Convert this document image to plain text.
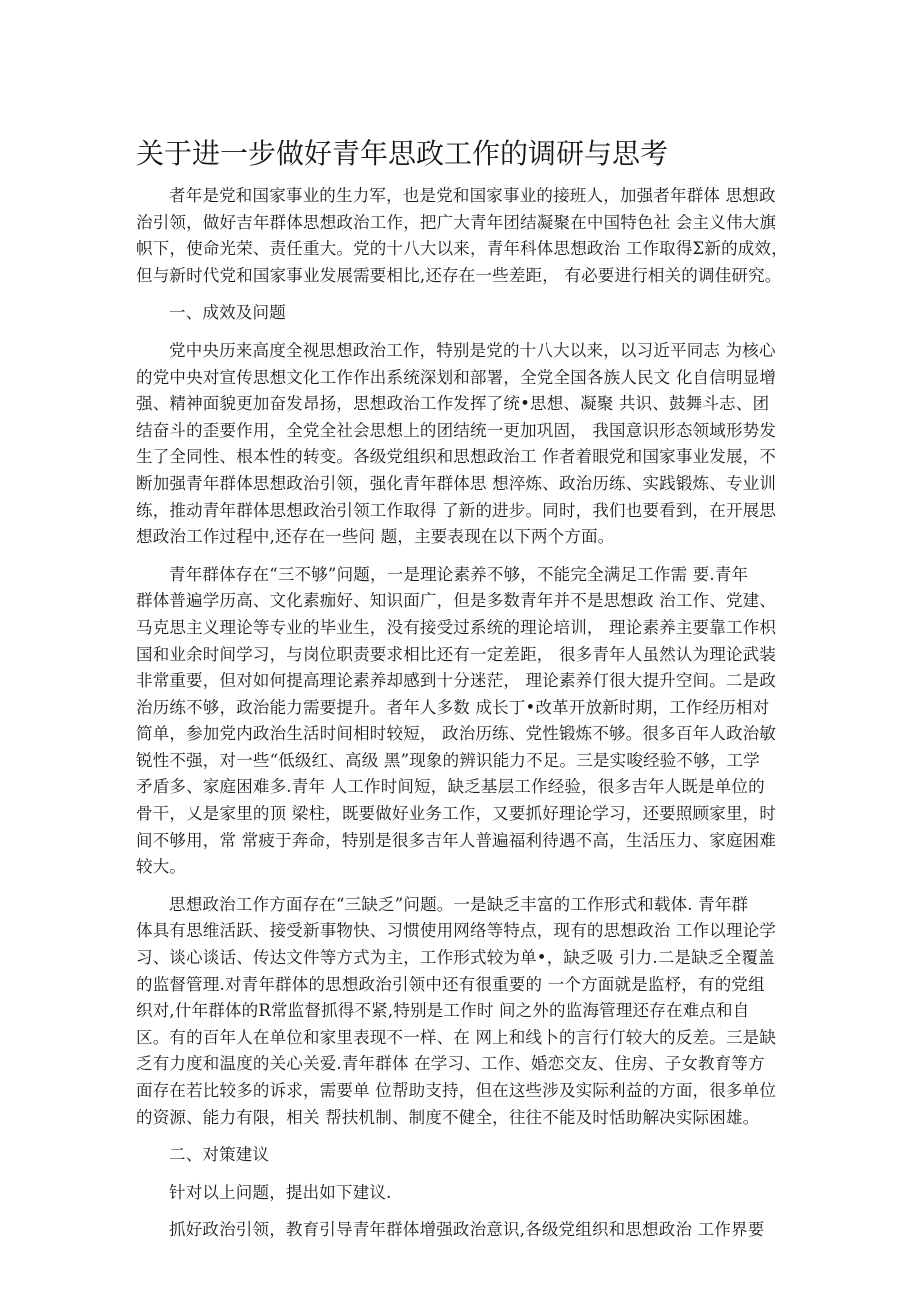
关于进一步做好青年思政工作的调研与思考
者年是党和国家事业的生力军，也是党和国家事业的接班人，加强者年群体 思想政
治引领，做好吉年群体思想政治工作，把广大青年团结凝聚在中国特色社 会主义伟大旗
帜下，使命光荣、责任重大。党的十八大以来，青年科体思想政治 工作取得Σ新的成效，
但与新时代党和国家事业发展需要相比,还存在一些差距， 有必要进行相关的调佳研究。
一、成效及问题
党中央历来高度全视思想政治工作，特别是党的十八大以来，以习近平同志 为核心
的党中央对宣传思想文化工作作出系统深划和部署，全党全国各族人民文 化自信明显增
强、精神面貌更加奋发昂扬，思想政治工作发挥了统•思想、凝聚 共识、鼓舞斗志、团
结奋斗的歪要作用，全党全社会思想上的团结统一更加巩固， 我国意识形态领域形势发
生了全同性、根本性的转变。各级党组织和思想政治工 作者着眼党和国家事业发展，不
断加强青年群体思想政治引领，强化青年群体思 想淬炼、政治历练、实践锻炼、专业训
练，推动青年群体思想政治引领工作取得 了新的进步。同时，我们也要看到，在开展思
想政治工作过程中,还存在一些问 题，主要表现在以下两个方面。
青年群体存在“三不够”问题，一是理论素养不够，不能完全满足工作需 要.青年
群体普遍学历高、文化素痂好、知识面广，但是多数青年并不是思想政 治工作、党建、
马克思主义理论等专业的毕业生，没有接受过系统的理论培训， 理论素养主要靠工作枳
国和业余时间学习，与岗位职责要求相比还有一定差距， 很多青年人虽然认为理论武装
非常重要，但对如何提高理论素养却感到十分迷茫， 理论素养仃很大提升空间。二是政
治历练不够，政治能力需要提升。者年人多数 成长丁•改革开放新时期，工作经历相对
简单，参加党内政治生活时间相时较短， 政治历练、党性锻炼不够。很多百年人政治敏
锐性不强，对一些“低级红、高级 黑”现象的辨识能力不足。三是实唆经验不够，工学
矛盾多、家庭困难多.青年 人工作时间短，缺乏基层工作经验，很多吉年人既是单位的
骨干，乂是家里的顶 梁柱，既要做好业务工作，又要抓好理论学习，还要照顾家里，时
间不够用，常 常疲于奔命，特别是很多吉年人普遍福利待遇不高，生活压力、家庭困难
较大。
思想政治工作方面存在“三缺乏”问题。一是缺乏丰富的工作形式和载体. 青年群
体具有思维活跃、接受新事物快、习惯使用网络等特点，现有的思想政治 工作以理论学
习、谈心谈话、传达文件等方式为主，工作形式较为单•，缺乏吸 引力.二是缺乏全覆盖
的监督管理.对青年群体的思想政治引领中还有很重要的 一个方面就是监杼，有的党组
织对,什年群体的R常监督抓得不紧,特别是工作时 间之外的监海管理还存在难点和自
区。有的百年人在单位和家里表现不一样、在 网上和线卜的言行仃较大的反差。三是缺
乏有力度和温度的关心关爱.青年群体 在学习、工作、婚恋交友、住房、子女教育等方
面存在若比较多的诉求，需要单 位帮助支持，但在这些涉及实际利益的方面，很多单位
的资源、能力有限，相关 帮扶机制、制度不健全，往往不能及时恬助解决实际困雄。
二、对策建议
针对以上问题，提出如下建议.
抓好政治引领，教育引导青年群体增强政治意识,各级党组织和思想政治 工作界要
